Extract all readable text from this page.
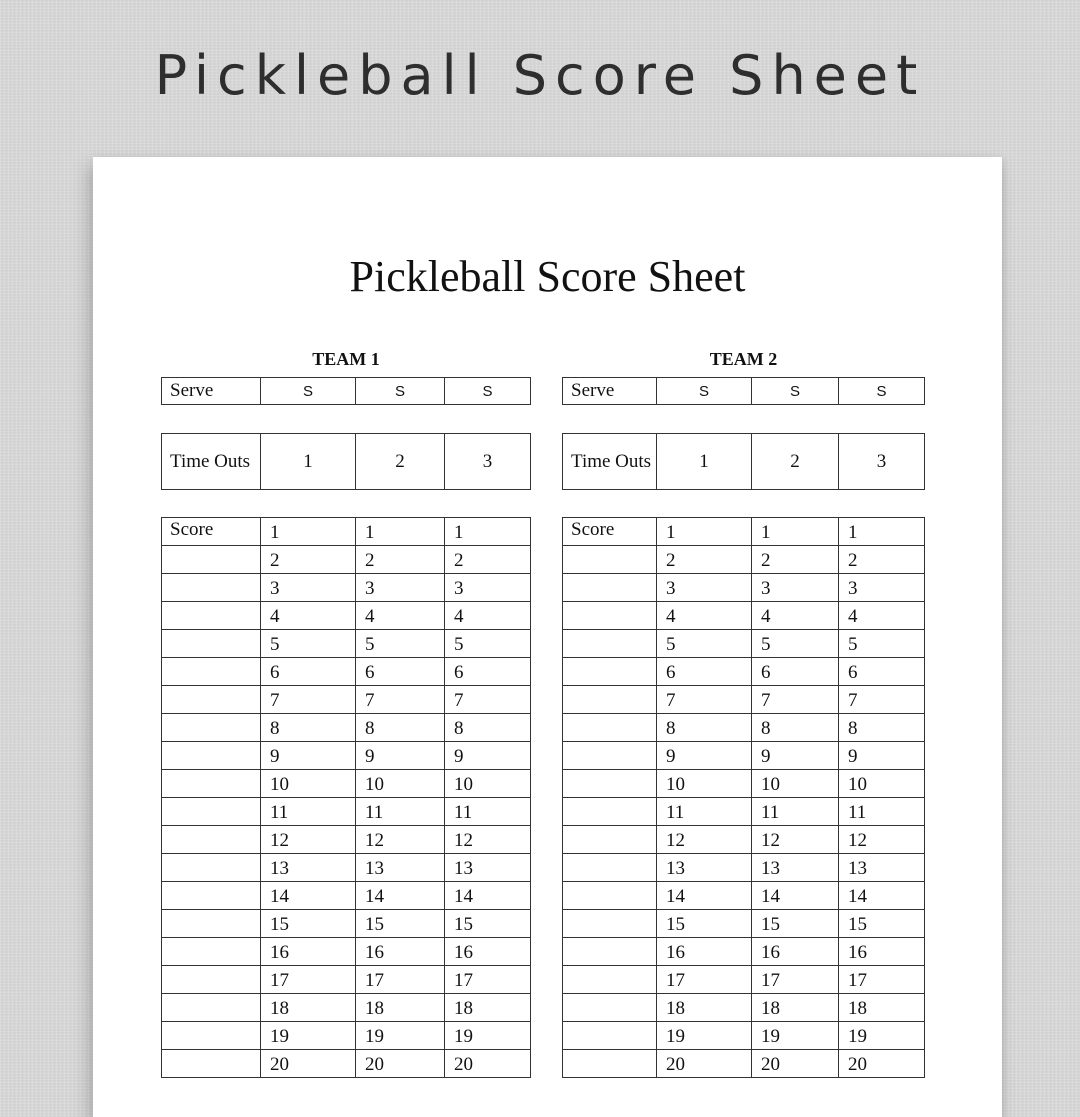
Pickleball Score Sheet
Pickleball Score Sheet
TEAM 1
Serve	S	S	S
Time Outs	1	2	3
Score	1	1	1
	2	2	2
	3	3	3
	4	4	4
	5	5	5
	6	6	6
	7	7	7
	8	8	8
	9	9	9
	10	10	10
	11	11	11
	12	12	12
	13	13	13
	14	14	14
	15	15	15
	16	16	16
	17	17	17
	18	18	18
	19	19	19
	20	20	20
TEAM 2
Serve	S	S	S
Time Outs	1	2	3
Score	1	1	1
	2	2	2
	3	3	3
	4	4	4
	5	5	5
	6	6	6
	7	7	7
	8	8	8
	9	9	9
	10	10	10
	11	11	11
	12	12	12
	13	13	13
	14	14	14
	15	15	15
	16	16	16
	17	17	17
	18	18	18
	19	19	19
	20	20	20
